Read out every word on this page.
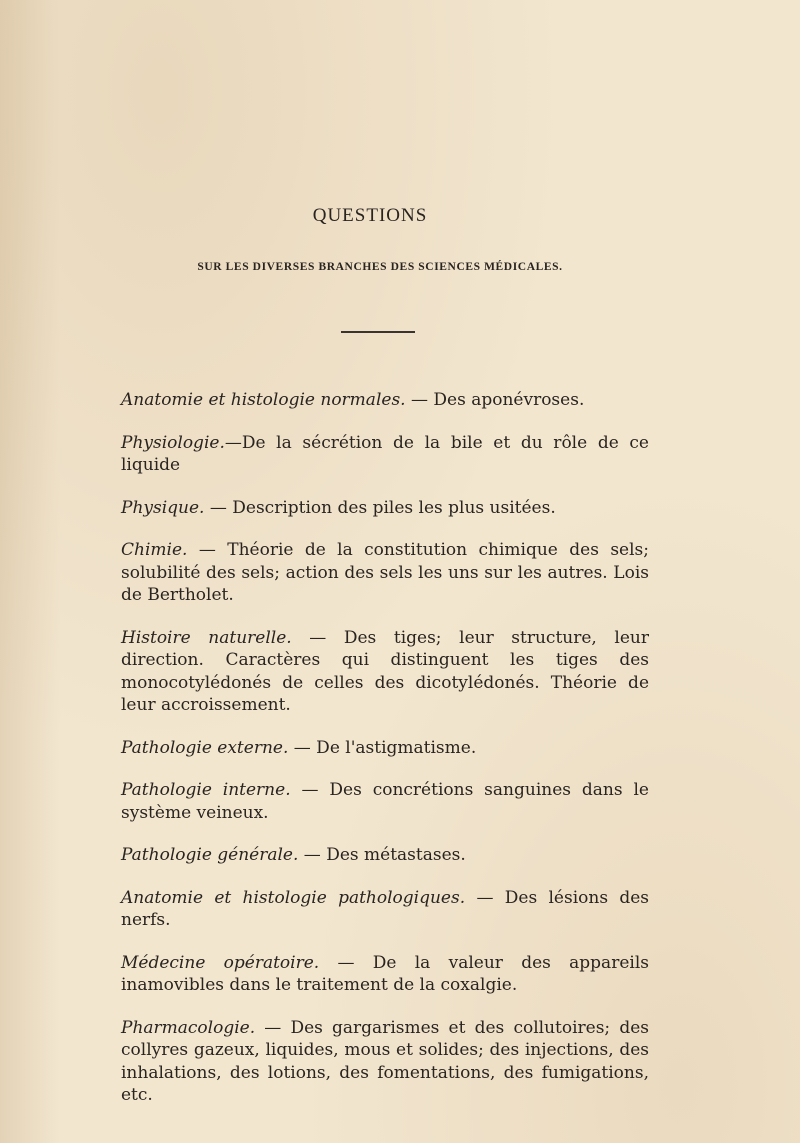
QUESTIONS
SUR LES DIVERSES BRANCHES DES SCIENCES MÉDICALES.

Anatomie et histologie normales. — Des aponévroses.

Physiologie.—De la sécrétion de la bile et du rôle de ce liquide

Physique. — Description des piles les plus usitées.

Chimie. — Théorie de la constitution chimique des sels; solubilité des sels; action des sels les uns sur les autres. Lois de Bertholet.

Histoire naturelle. — Des tiges; leur structure, leur direction. Caractères qui distinguent les tiges des monocotylédonés de celles des dicotylédonés. Théorie de leur accroissement.

Pathologie externe. — De l'astigmatisme.

Pathologie interne. — Des concrétions sanguines dans le système veineux.

Pathologie générale. — Des métastases.

Anatomie et histologie pathologiques. — Des lésions des nerfs.

Médecine opératoire. — De la valeur des appareils inamovibles dans le traitement de la coxalgie.

Pharmacologie. — Des gargarismes et des collutoires; des collyres gazeux, liquides, mous et solides; des injections, des inhalations, des lotions, des fomentations, des fumigations, etc.
